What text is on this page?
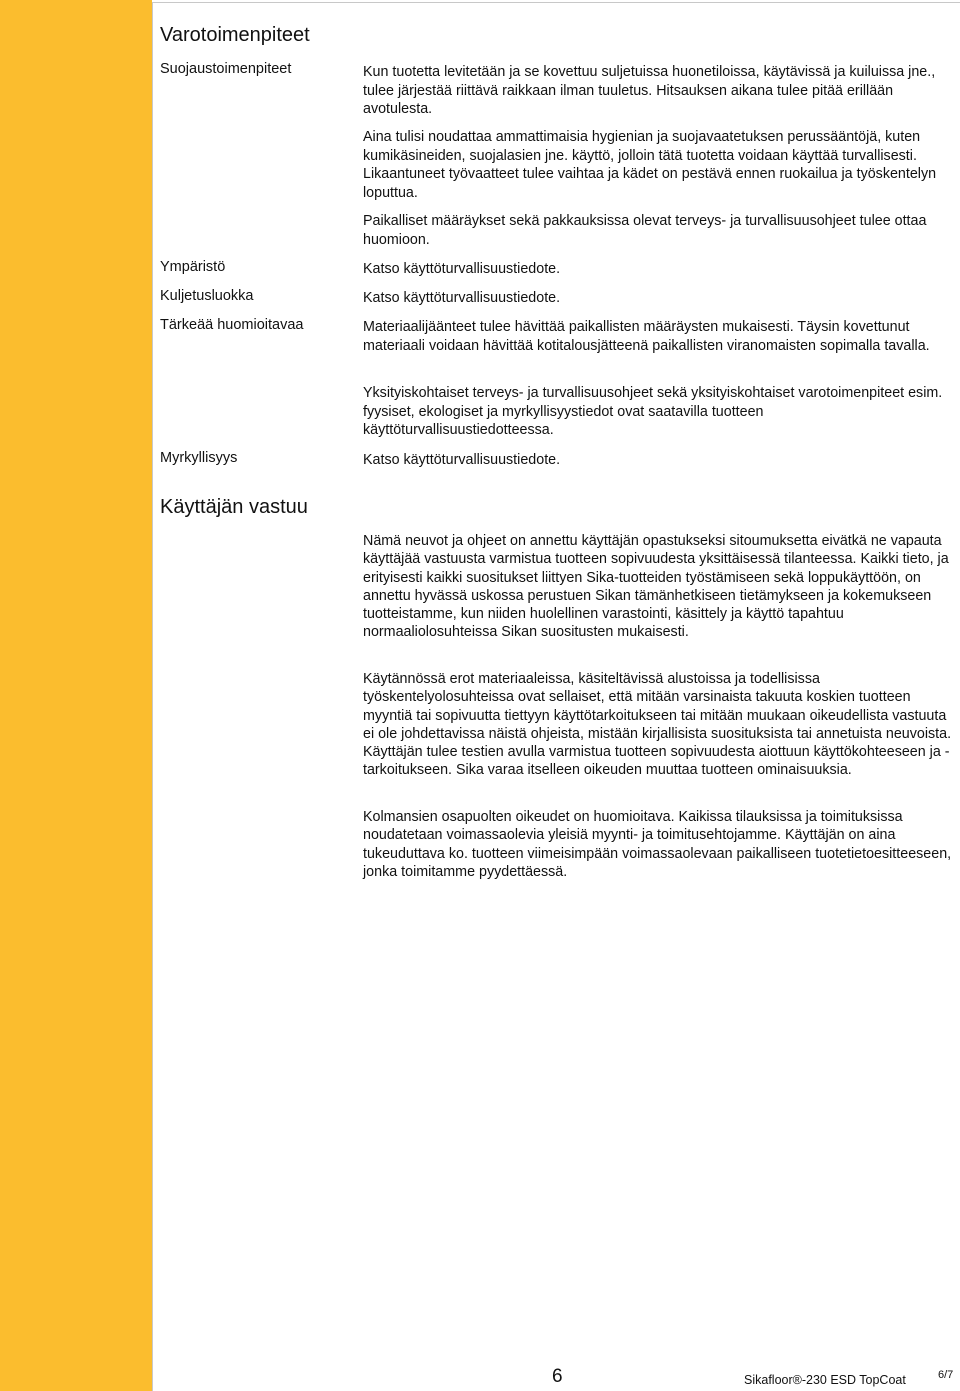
Varotoimenpiteet
Suojaustoimenpiteet	Kun tuotetta levitetään ja se kovettuu suljetuissa huonetiloissa, käytävissä ja kuiluissa jne., tulee järjestää riittävä raikkaan ilman tuuletus. Hitsauksen aikana tulee pitää erillään avotulesta.
Aina tulisi noudattaa ammattimaisia hygienian ja suojavaatetuksen perussääntöjä, kuten kumikäsineiden, suojalasien jne. käyttö, jolloin tätä tuotetta voidaan käyttää turvallisesti. Likaantuneet työvaatteet tulee vaihtaa ja kädet on pestävä ennen ruokailua ja työskentelyn loputtua.
Paikalliset määräykset sekä pakkauksissa olevat terveys- ja turvallisuusohjeet tulee ottaa huomioon.
Ympäristö	Katso käyttöturvallisuustiedote.
Kuljetusluokka	Katso käyttöturvallisuustiedote.
Tärkeää huomioitavaa	Materiaalijäänteet tulee hävittää paikallisten määräysten mukaisesti. Täysin kovettunut materiaali voidaan hävittää kotitalousjätteenä paikallisten viranomaisten sopimalla tavalla.
Yksityiskohtaiset terveys- ja turvallisuusohjeet sekä yksityiskohtaiset varotoimenpiteet esim. fyysiset, ekologiset ja myrkyllisyystiedot ovat saatavilla tuotteen käyttöturvallisuustiedotteessa.
Myrkyllisyys	Katso käyttöturvallisuustiedote.
Käyttäjän vastuu
Nämä neuvot ja ohjeet on annettu käyttäjän opastukseksi sitoumuksetta eivätkä ne vapauta käyttäjää vastuusta varmistua tuotteen sopivuudesta yksittäisessä tilanteessa. Kaikki tieto, ja erityisesti kaikki suositukset liittyen Sika-tuotteiden työstämiseen sekä loppukäyttöön, on annettu hyvässä uskossa perustuen Sikan tämänhetkiseen tietämykseen ja kokemukseen tuotteistamme, kun niiden huolellinen varastointi, käsittely ja käyttö tapahtuu normaaliolosuhteissa Sikan suositusten mukaisesti.
Käytännössä erot materiaaleissa, käsiteltävissä alustoissa ja todellisissa työskentelyolosuhteissa ovat sellaiset, että mitään varsinaista takuuta koskien tuotteen myyntiä tai sopivuutta tiettyyn käyttötarkoitukseen tai mitään muukaan oikeudellista vastuuta ei ole johdettavissa näistä ohjeista, mistään kirjallisista suosituksista tai annetuista neuvoista. Käyttäjän tulee testien avulla varmistua tuotteen sopivuudesta aiottuun käyttökohteeseen ja -tarkoitukseen. Sika varaa itselleen oikeuden muuttaa tuotteen ominaisuuksia.
Kolmansien osapuolten oikeudet on huomioitava. Kaikissa tilauksissa ja toimituksissa noudatetaan voimassaolevia yleisiä myynti- ja toimitusehtojamme. Käyttäjän on aina tukeuduttava ko. tuotteen viimeisimpään voimassaolevaan paikalliseen tuotetietoesitteeseen, jonka toimitamme pyydettäessä.
6	Sikafloor®-230 ESD TopCoat	6/7
